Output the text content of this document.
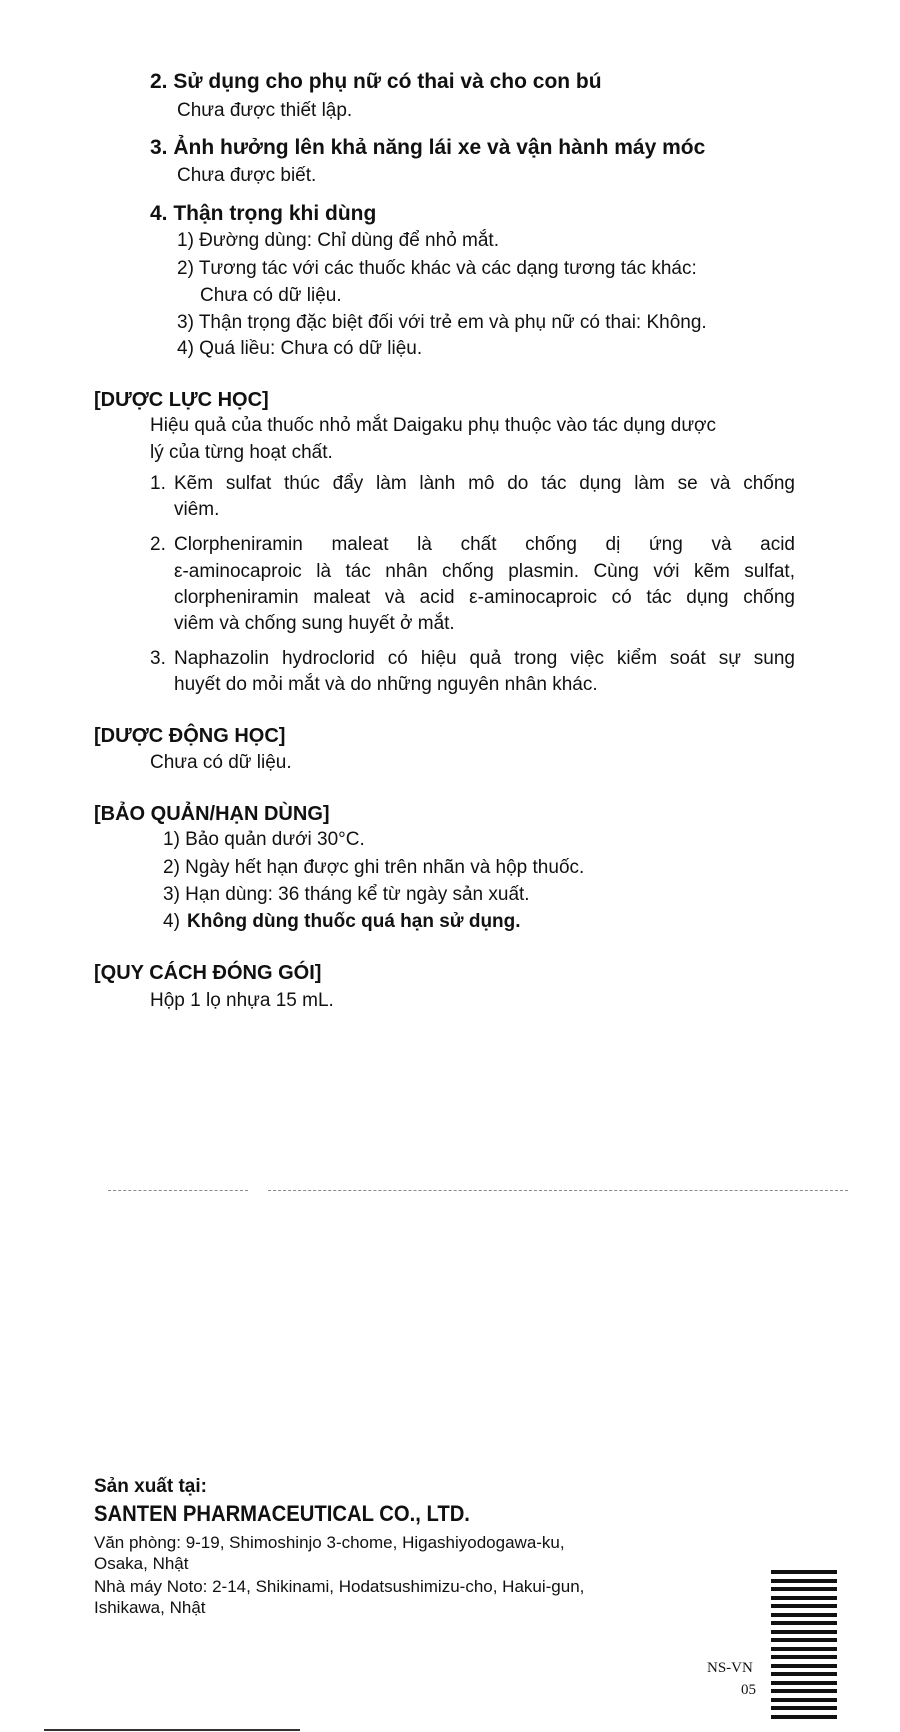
2. Sử dụng cho phụ nữ có thai và cho con bú
Chưa được thiết lập.
3. Ảnh hưởng lên khả năng lái xe và vận hành máy móc
Chưa được biết.
4. Thận trọng khi dùng
1) Đường dùng: Chỉ dùng để nhỏ mắt.
2) Tương tác với các thuốc khác và các dạng tương tác khác:
Chưa có dữ liệu.
3) Thận trọng đặc biệt đối với trẻ em và phụ nữ có thai: Không.
4) Quá liều: Chưa có dữ liệu.
[DƯỢC LỰC HỌC]
Hiệu quả của thuốc nhỏ mắt Daigaku phụ thuộc vào tác dụng dược
lý của từng hoạt chất.
1. Kẽm sulfat thúc đẩy làm lành mô do tác dụng làm se và chống
viêm.
2. Clorpheniramin maleat là chất chống dị ứng và acid
ε-aminocaproic là tác nhân chống plasmin. Cùng với kẽm sulfat,
clorpheniramin maleat và acid ε-aminocaproic có tác dụng chống
viêm và chống sung huyết ở mắt.
3. Naphazolin hydroclorid có hiệu quả trong việc kiểm soát sự sung
huyết do mỏi mắt và do những nguyên nhân khác.
[DƯỢC ĐỘNG HỌC]
Chưa có dữ liệu.
[BẢO QUẢN/HẠN DÙNG]
1) Bảo quản dưới 30°C.
2) Ngày hết hạn được ghi trên nhãn và hộp thuốc.
3) Hạn dùng: 36 tháng kể từ ngày sản xuất.
4) Không dùng thuốc quá hạn sử dụng.
[QUY CÁCH ĐÓNG GÓI]
Hộp 1 lọ nhựa 15 mL.
Sản xuất tại:
SANTEN PHARMACEUTICAL CO., LTD.
Văn phòng: 9-19, Shimoshinjo 3-chome, Higashiyodogawa-ku,
Osaka, Nhật
Nhà máy Noto: 2-14, Shikinami, Hodatsushimizu-cho, Hakui-gun,
Ishikawa, Nhật
NS-VN
05
